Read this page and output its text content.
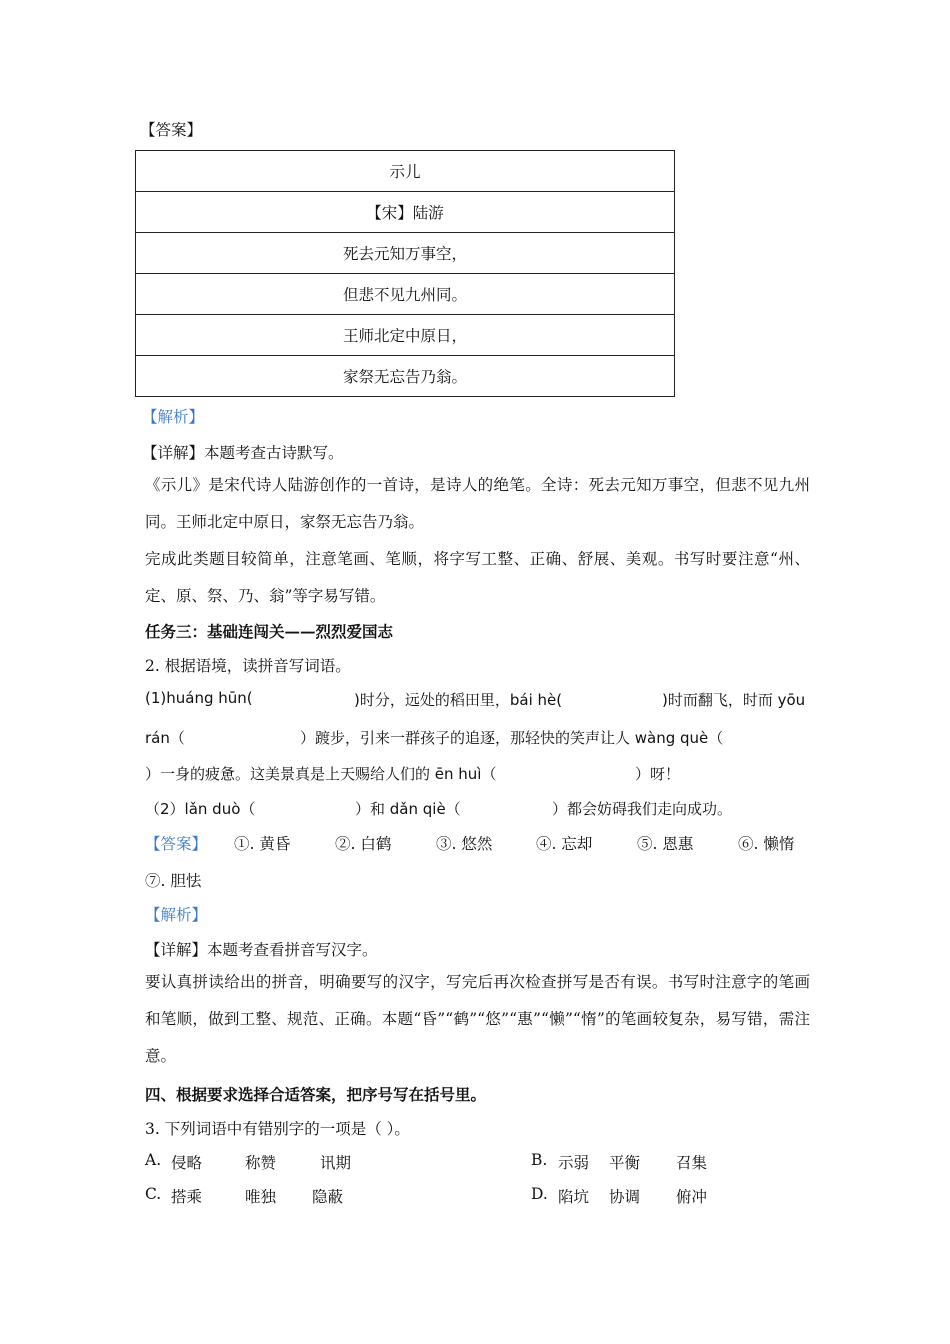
【答案】
示儿
【宋】陆游
死去元知万事空，
但悲不见九州同。
王师北定中原日，
家祭无忘告乃翁。
【解析】
【详解】本题考查古诗默写。
《示儿》是宋代诗人陆游创作的一首诗，是诗人的绝笔。全诗：死去元知万事空，但悲不见九州同。王师北定中原日，家祭无忘告乃翁。
完成此类题目较简单，注意笔画、笔顺，将字写工整、正确、舒展、美观。书写时要注意“州、定、原、祭、乃、翁”等字易写错。
任务三：基础连闯关——烈烈爱国志
2. 根据语境，读拼音写词语。
(1)huáng hūn(	)时分，远处的稻田里，bái hè(	)时而翻飞，时而 yōu
rán（	）踱步，引来一群孩子的追逐，那轻快的笑声让人 wàng què（
）一身的疲惫。这美景真是上天赐给人们的 ēn huì（	）呀！
（2）lǎn duò（	）和 dǎn qiè（	）都会妨碍我们走向成功。
【答案】 ①. 黄昏	②. 白鹤	③. 悠然	④. 忘却	⑤. 恩惠	⑥. 懒惰
⑦. 胆怯
【解析】
【详解】本题考查看拼音写汉字。
要认真拼读给出的拼音，明确要写的汉字，写完后再次检查拼写是否有误。书写时注意字的笔画和笔顺，做到工整、规范、正确。本题“昏”“鹤”“悠”“惠”“懒”“惰”的笔画较复杂，易写错，需注意。
四、根据要求选择合适答案，把序号写在括号里。
3. 下列词语中有错别字的一项是（ ）。
A. 侵略	称赞	讯期	B. 示弱 平衡 召集
C. 搭乘	唯独 隐蔽	D. 陷坑 协调 俯冲
